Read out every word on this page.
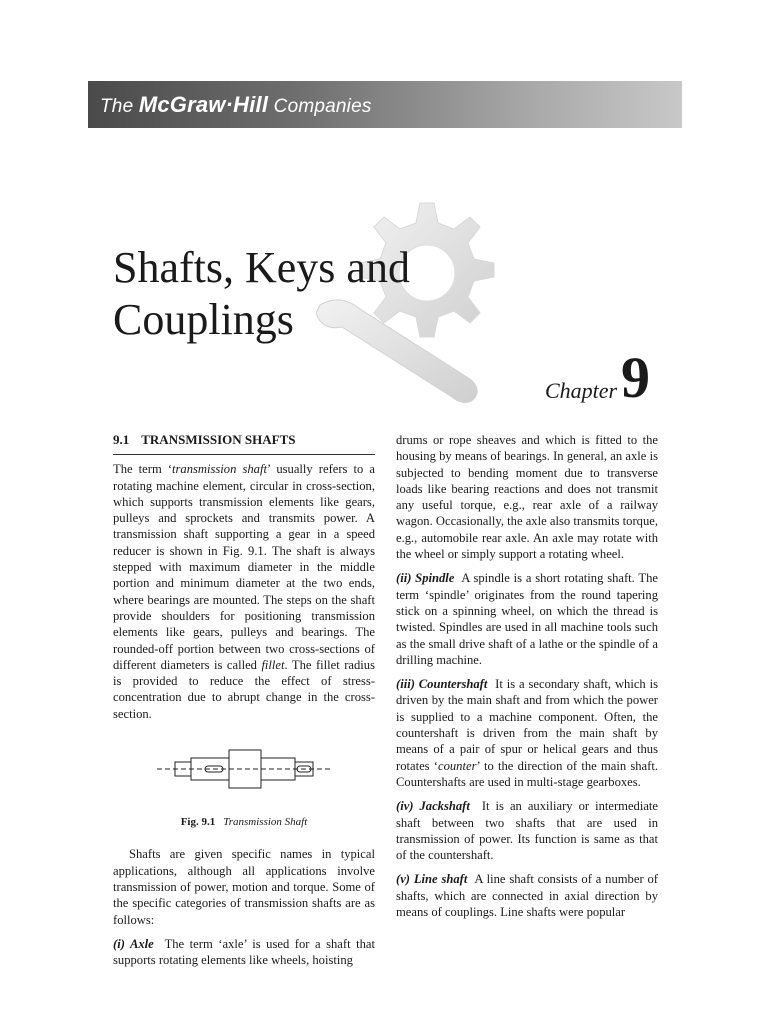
The McGraw·Hill Companies
Shafts, Keys and Couplings
Chapter 9
9.1 TRANSMISSION SHAFTS

The term ‘transmission shaft’ usually refers to a rotating machine element, circular in cross-section, which supports transmission elements like gears, pulleys and sprockets and transmits power. A transmission shaft supporting a gear in a speed reducer is shown in Fig. 9.1. The shaft is always stepped with maximum diameter in the middle portion and minimum diameter at the two ends, where bearings are mounted. The steps on the shaft provide shoulders for positioning transmission elements like gears, pulleys and bearings. The rounded-off portion between two cross-sections of different diameters is called fillet. The fillet radius is provided to reduce the effect of stress-concentration due to abrupt change in the cross-section.

Fig. 9.1 Transmission Shaft

Shafts are given specific names in typical applications, although all applications involve transmission of power, motion and torque. Some of the specific categories of transmission shafts are as follows:

(i) Axle The term ‘axle’ is used for a shaft that supports rotating elements like wheels, hoisting

drums or rope sheaves and which is fitted to the housing by means of bearings. In general, an axle is subjected to bending moment due to transverse loads like bearing reactions and does not transmit any useful torque, e.g., rear axle of a railway wagon. Occasionally, the axle also transmits torque, e.g., automobile rear axle. An axle may rotate with the wheel or simply support a rotating wheel.

(ii) Spindle A spindle is a short rotating shaft. The term ‘spindle’ originates from the round tapering stick on a spinning wheel, on which the thread is twisted. Spindles are used in all machine tools such as the small drive shaft of a lathe or the spindle of a drilling machine.

(iii) Countershaft It is a secondary shaft, which is driven by the main shaft and from which the power is supplied to a machine component. Often, the countershaft is driven from the main shaft by means of a pair of spur or helical gears and thus rotates ‘counter’ to the direction of the main shaft. Countershafts are used in multi-stage gearboxes.

(iv) Jackshaft It is an auxiliary or intermediate shaft between two shafts that are used in transmission of power. Its function is same as that of the countershaft.

(v) Line shaft A line shaft consists of a number of shafts, which are connected in axial direction by means of couplings. Line shafts were popular
